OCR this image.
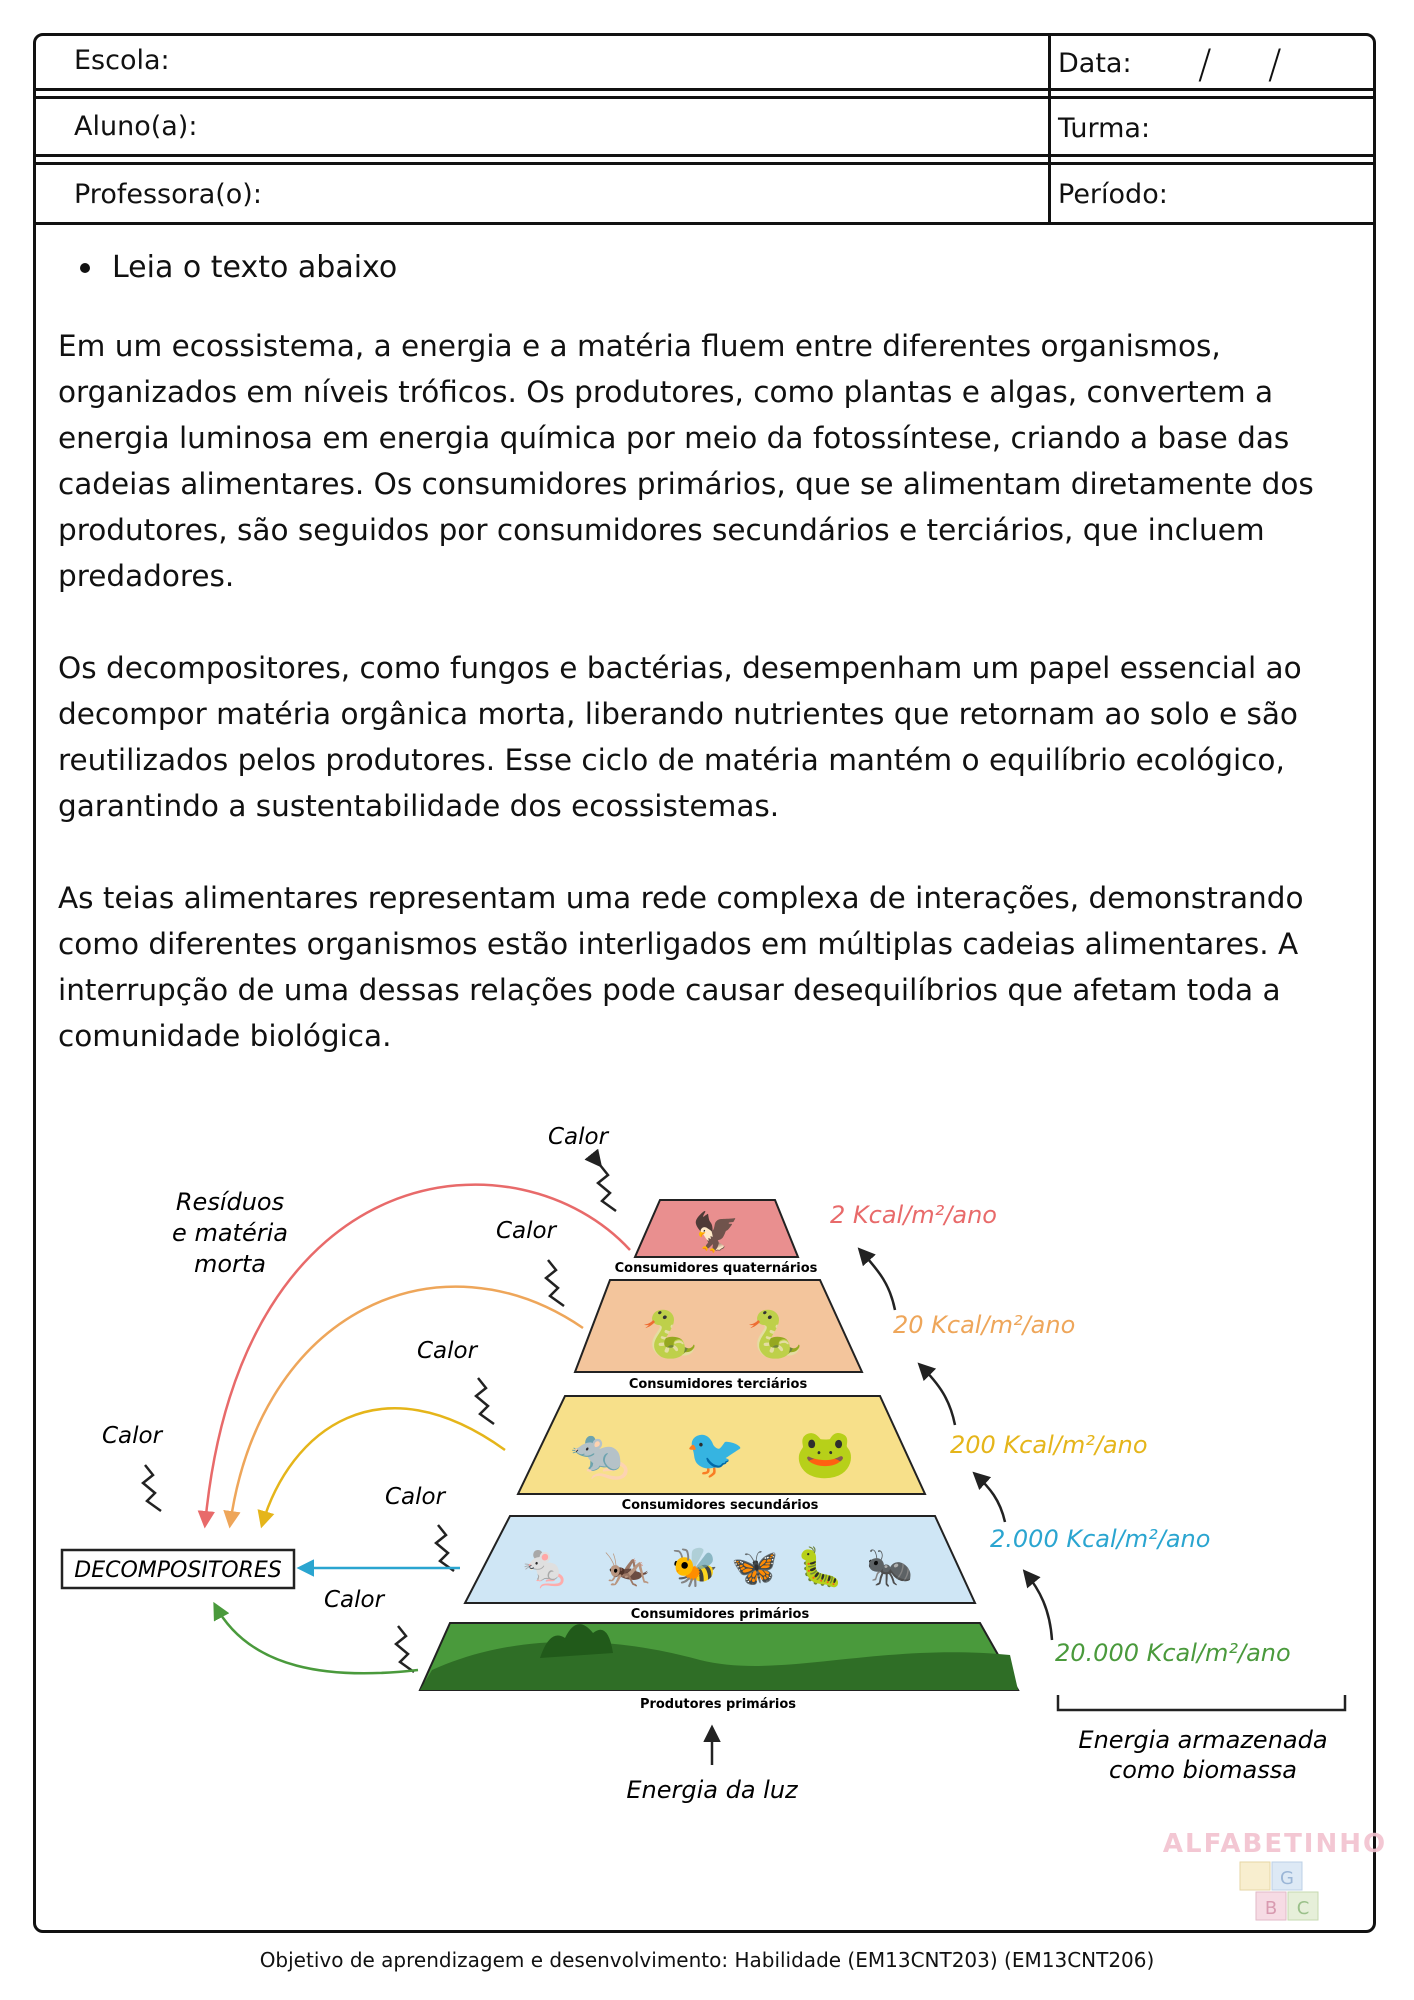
Escola:	Data: / /
Aluno(a):	Turma:
Professora(o):	Período:
Leia o texto abaixo

Em um ecossistema, a energia e a matéria fluem entre diferentes organismos, organizados em níveis tróficos. Os produtores, como plantas e algas, convertem a energia luminosa em energia química por meio da fotossíntese, criando a base das cadeias alimentares. Os consumidores primários, que se alimentam diretamente dos produtores, são seguidos por consumidores secundários e terciários, que incluem predadores.

Os decompositores, como fungos e bactérias, desempenham um papel essencial ao decompor matéria orgânica morta, liberando nutrientes que retornam ao solo e são reutilizados pelos produtores. Esse ciclo de matéria mantém o equilíbrio ecológico, garantindo a sustentabilidade dos ecossistemas.

As teias alimentares representam uma rede complexa de interações, demonstrando como diferentes organismos estão interligados em múltiplas cadeias alimentares. A interrupção de uma dessas relações pode causar desequilíbrios que afetam toda a comunidade biológica.

🦅
🐍 🐍
🐀 🐦 🐸
🐁 🦗 🐝 🦋 🐛 🐜
Consumidores quaternários
Consumidores terciários
Consumidores secundários
Consumidores primários
Produtores primários
2 Kcal/m²/ano
20 Kcal/m²/ano
200 Kcal/m²/ano
2.000 Kcal/m²/ano
20.000 Kcal/m²/ano
Calor
Calor
Calor
Calor
Calor
Calor
Resíduos
e matéria
morta
DECOMPOSITORES
Energia da luz
Energia armazenada
como biomassa
ALFABETINHO
G
B C
Objetivo de aprendizagem e desenvolvimento: Habilidade (EM13CNT203) (EM13CNT206)
